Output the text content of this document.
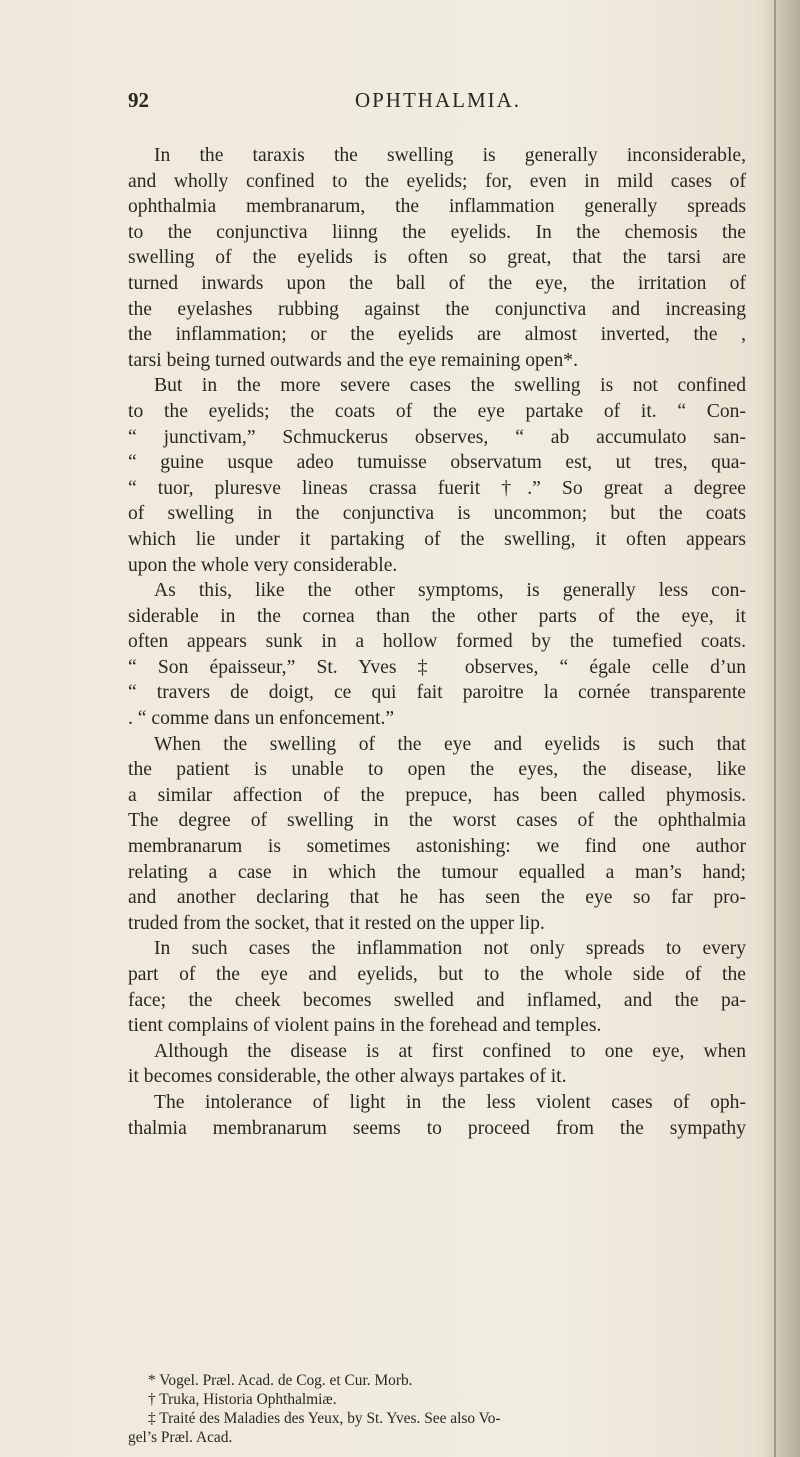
92	OPHTHALMIA.
In the taraxis the swelling is generally inconsiderable,
and wholly confined to the eyelids; for, even in mild cases of
ophthalmia membranarum, the inflammation generally spreads
to the conjunctiva liinng the eyelids. In the chemosis the
swelling of the eyelids is often so great, that the tarsi are
turned inwards upon the ball of the eye, the irritation of
the eyelashes rubbing against the conjunctiva and increasing
the inflammation; or the eyelids are almost inverted, the ,
tarsi being turned outwards and the eye remaining open*.
But in the more severe cases the swelling is not confined
to the eyelids; the coats of the eye partake of it. “ Con-
“ junctivam,” Schmuckerus observes, “ ab accumulato san-
“ guine usque adeo tumuisse observatum est, ut tres, qua-
“ tuor, pluresve lineas crassa fuerit †.” So great a degree
of swelling in the conjunctiva is uncommon; but the coats
which lie under it partaking of the swelling, it often appears
upon the whole very considerable.
As this, like the other symptoms, is generally less con-
siderable in the cornea than the other parts of the eye, it
often appears sunk in a hollow formed by the tumefied coats.
“ Son épaisseur,” St. Yves ‡ observes, “ égale celle d’un
“ travers de doigt, ce qui fait paroitre la cornée transparente
. “ comme dans un enfoncement.”
When the swelling of the eye and eyelids is such that
the patient is unable to open the eyes, the disease, like
a similar affection of the prepuce, has been called phymosis.
The degree of swelling in the worst cases of the ophthalmia
membranarum is sometimes astonishing: we find one author
relating a case in which the tumour equalled a man’s hand;
and another declaring that he has seen the eye so far pro-
truded from the socket, that it rested on the upper lip.
In such cases the inflammation not only spreads to every
part of the eye and eyelids, but to the whole side of the
face; the cheek becomes swelled and inflamed, and the pa-
tient complains of violent pains in the forehead and temples.
Although the disease is at first confined to one eye, when
it becomes considerable, the other always partakes of it.
The intolerance of light in the less violent cases of oph-
thalmia membranarum seems to proceed from the sympathy
* Vogel. Præl. Acad. de Cog. et Cur. Morb.
† Truka, Historia Ophthalmiæ.
‡ Traité des Maladies des Yeux, by St. Yves. See also Vo-
gel’s Præl. Acad.
